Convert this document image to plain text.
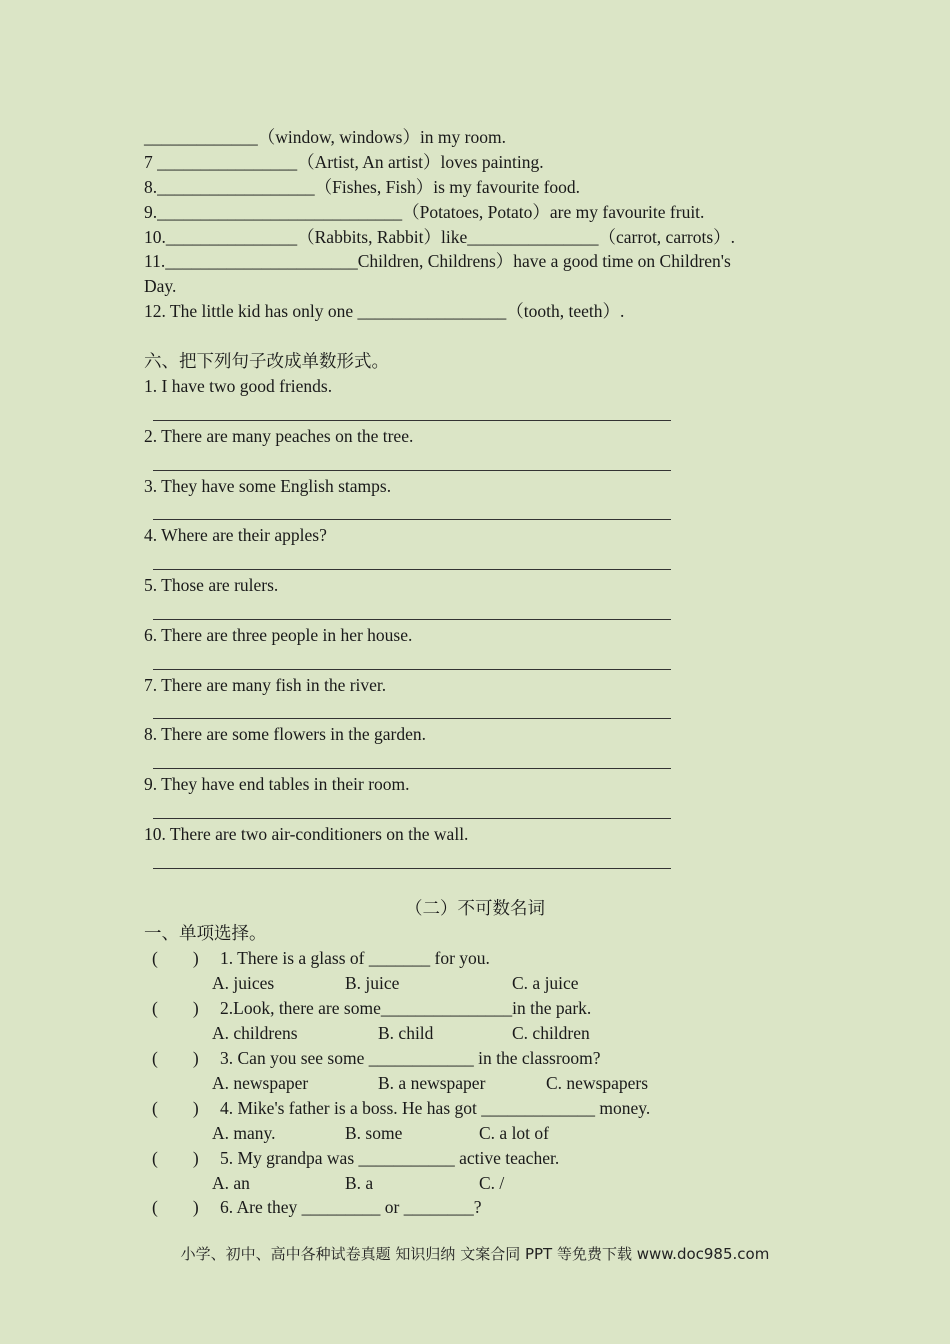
_____________（window, windows）in my room.
7 ________________（Artist, An artist）loves painting.
8.__________________（Fishes, Fish）is my favourite food.
9.____________________________（Potatoes, Potato）are my favourite fruit.
10._______________（Rabbits, Rabbit）like_______________（carrot, carrots）.
11.______________________Children, Childrens）have a good time on Children's
Day.
12. The little kid has only one _________________（tooth, teeth）.
六、把下列句子改成单数形式。
1. I have two good friends.
2. There are many peaches on the tree.
3. They have some English stamps.
4. Where are their apples?
5. Those are rulers.
6. There are three people in her house.
7. There are many fish in the river.
8. There are some flowers in the garden.
9. They have end tables in their room.
10. There are two air-conditioners on the wall.
（二）不可数名词
一、单项选择。
(        ) 1. There is a glass of _______ for you.
A. juices	B. juice	C. a juice
(        ) 2.Look, there are some_______________in the park.
A. childrens	B. child	C. children
(        ) 3. Can you see some ____________ in the classroom?
A. newspaper	B. a newspaper	C. newspapers
(        ) 4. Mike's father is a boss. He has got _____________ money.
A. many.	B. some	C. a lot of
(        ) 5. My grandpa was ___________ active teacher.
A. an	B. a	C. /
(        ) 6. Are they _________ or ________?
小学、初中、高中各种试卷真题 知识归纳 文案合同 PPT 等免费下载 www.doc985.com
